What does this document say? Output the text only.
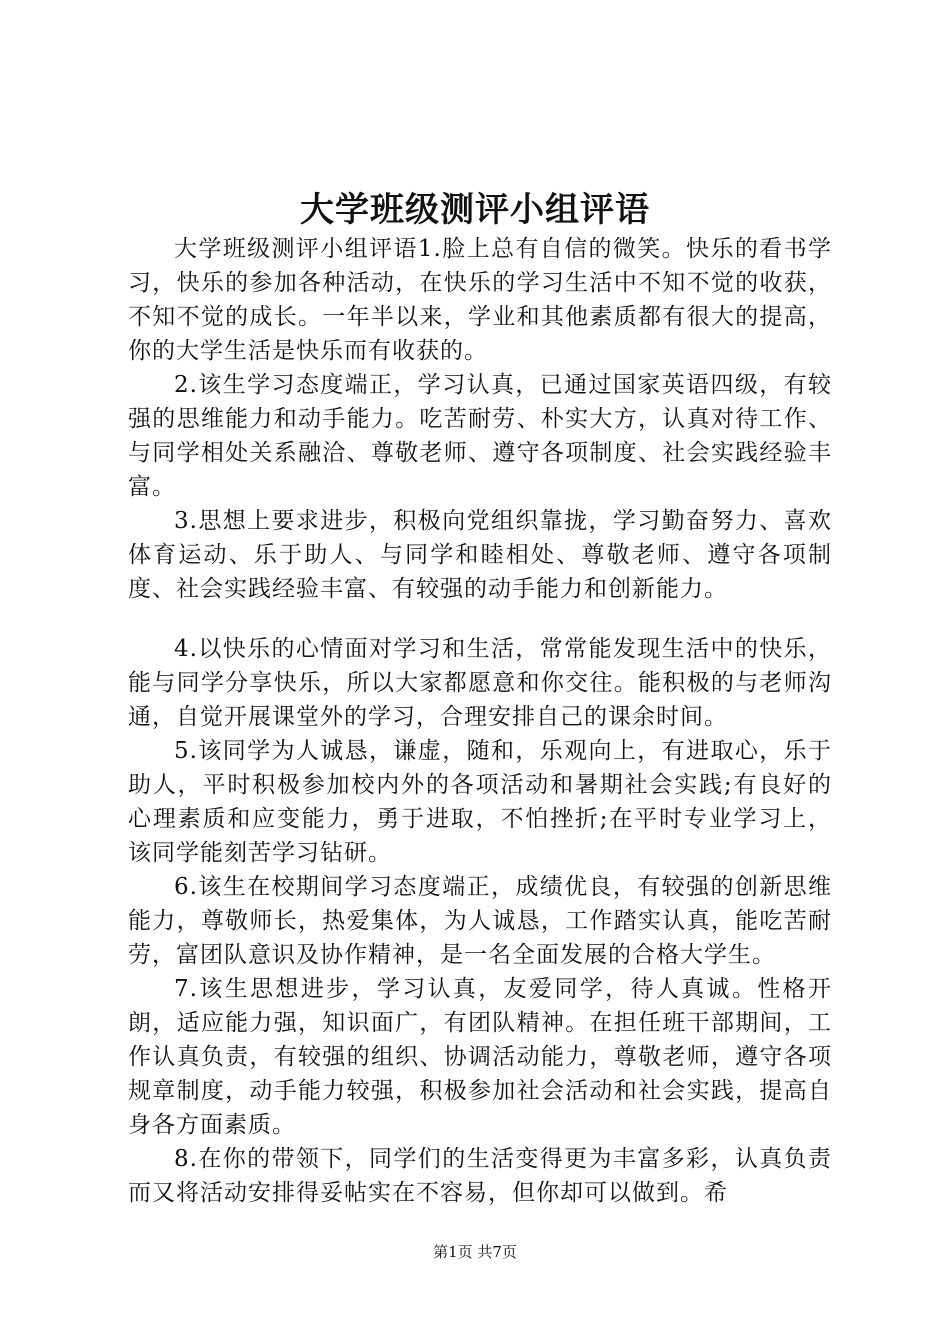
大学班级测评小组评语

大学班级测评小组评语1.脸上总有自信的微笑。快乐的看书学习，快乐的参加各种活动，在快乐的学习生活中不知不觉的收获，不知不觉的成长。一年半以来，学业和其他素质都有很大的提高，你的大学生活是快乐而有收获的。

2.该生学习态度端正，学习认真，已通过国家英语四级，有较强的思维能力和动手能力。吃苦耐劳、朴实大方，认真对待工作、与同学相处关系融洽、尊敬老师、遵守各项制度、社会实践经验丰富。

3.思想上要求进步，积极向党组织靠拢，学习勤奋努力、喜欢体育运动、乐于助人、与同学和睦相处、尊敬老师、遵守各项制度、社会实践经验丰富、有较强的动手能力和创新能力。

4.以快乐的心情面对学习和生活，常常能发现生活中的快乐，能与同学分享快乐，所以大家都愿意和你交往。能积极的与老师沟通，自觉开展课堂外的学习，合理安排自己的课余时间。

5.该同学为人诚恳，谦虚，随和，乐观向上，有进取心，乐于助人，平时积极参加校内外的各项活动和暑期社会实践;有良好的心理素质和应变能力，勇于进取，不怕挫折;在平时专业学习上，该同学能刻苦学习钻研。

6.该生在校期间学习态度端正，成绩优良，有较强的创新思维能力，尊敬师长，热爱集体，为人诚恳，工作踏实认真，能吃苦耐劳，富团队意识及协作精神，是一名全面发展的合格大学生。

7.该生思想进步，学习认真，友爱同学，待人真诚。性格开朗，适应能力强，知识面广，有团队精神。在担任班干部期间，工作认真负责，有较强的组织、协调活动能力，尊敬老师，遵守各项规章制度，动手能力较强，积极参加社会活动和社会实践，提高自身各方面素质。

8.在你的带领下，同学们的生活变得更为丰富多彩，认真负责而又将活动安排得妥帖实在不容易，但你却可以做到。希

第1页 共7页
